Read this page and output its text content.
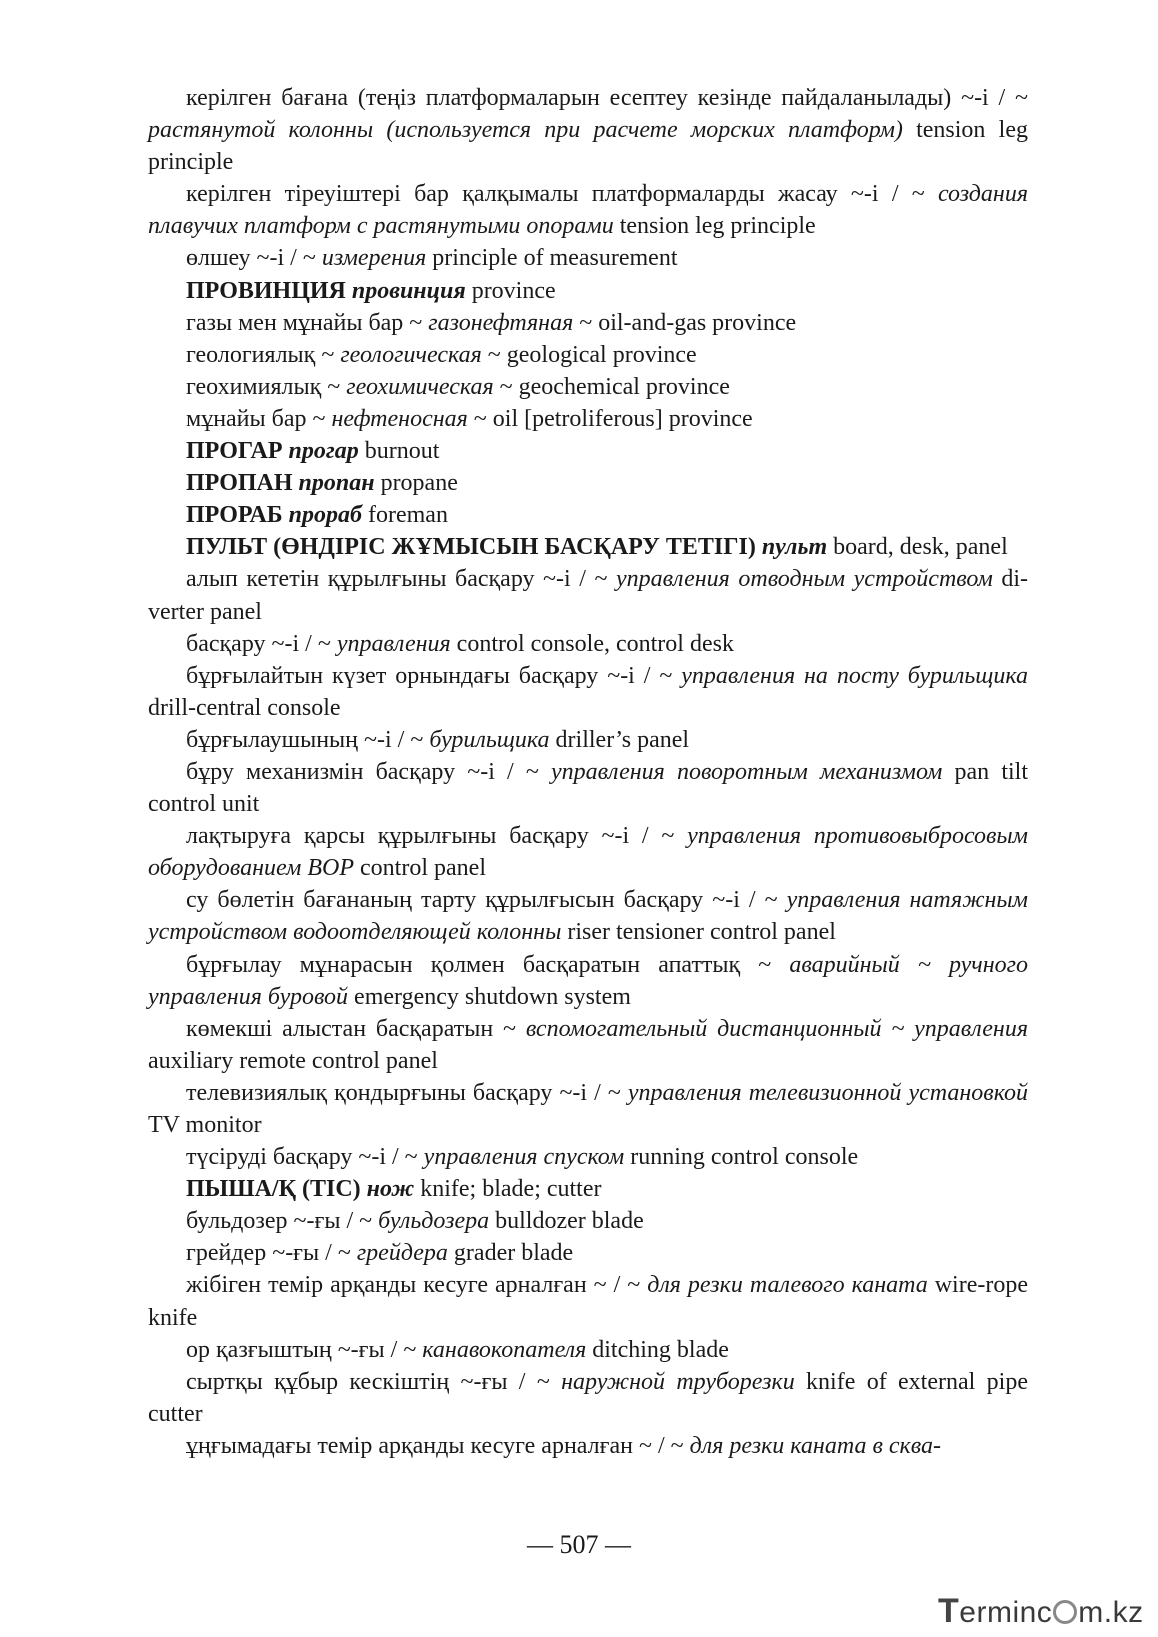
керілген бағана (теңіз платформаларын есептеу кезінде пайдаланылады) ~-і / ~ растянутой колонны (используется при расчете морских платформ) tension leg principle

керілген тіреуіштері бар қалқымалы платформаларды жасау ~-і / ~ создания плавучих платформ с растянутыми опорами tension leg principle

өлшеу ~-і / ~ измерения principle of measurement

ПРОВИНЦИЯ провинция province

газы мен мұнайы бар ~ газонефтяная ~ oil-and-gas province

геологиялық ~ геологическая ~ geological province

геохимиялық ~ геохимическая ~ geochemical province

мұнайы бар ~ нефтеносная ~ oil [petroliferous] province

ПРОГАР прогар burnout

ПРОПАН пропан propane

ПРОРАБ прораб foreman

ПУЛЬТ (ӨНДІРІС ЖҰМЫСЫН БАСҚАРУ ТЕТІГІ) пульт board, desk, panel

алып кететін құрылғыны басқару ~-і / ~ управления отводным устройством di-verter panel

басқару ~-і / ~ управления control console, control desk

бұрғылайтын күзет орнындағы басқару ~-і / ~ управления на посту бурильщика drill-central console

бұрғылаушының ~-і / ~ бурильщика driller’s panel

бұру механизмін басқару ~-і / ~ управления поворотным механизмом pan tilt control unit

лақтыруға қарсы құрылғыны басқару ~-і / ~ управления противовыбросовым оборудованием BOP control panel

су бөлетін бағананың тарту құрылғысын басқару ~-і / ~ управления натяжным устройством водоотделяющей колонны riser tensioner control panel

бұрғылау мұнарасын қолмен басқаратын апаттық ~ аварийный ~ ручного управления буровой emergency shutdown system

көмекші алыстан басқаратын ~ вспомогательный дистанционный ~ управления auxiliary remote control panel

телевизиялық қондырғыны басқару ~-і / ~ управления телевизионной установкой TV monitor

түсіруді басқару ~-і / ~ управления спуском running control console

ПЫША/Қ (ТІС) нож knife; blade; cutter

бульдозер ~-ғы / ~ бульдозера bulldozer blade

грейдер ~-ғы / ~ грейдера grader blade

жібіген темір арқанды кесуге арналған ~ / ~ для резки талевого каната wire-rope knife

ор қазғыштың ~-ғы / ~ канавокопателя ditching blade

сыртқы құбыр кескіштің ~-ғы / ~ наружной труборезки knife of external pipe cutter

ұңғымадағы темір арқанды кесуге арналған ~ / ~ для резки каната в сква-

— 507 —
Terminc m.kz
